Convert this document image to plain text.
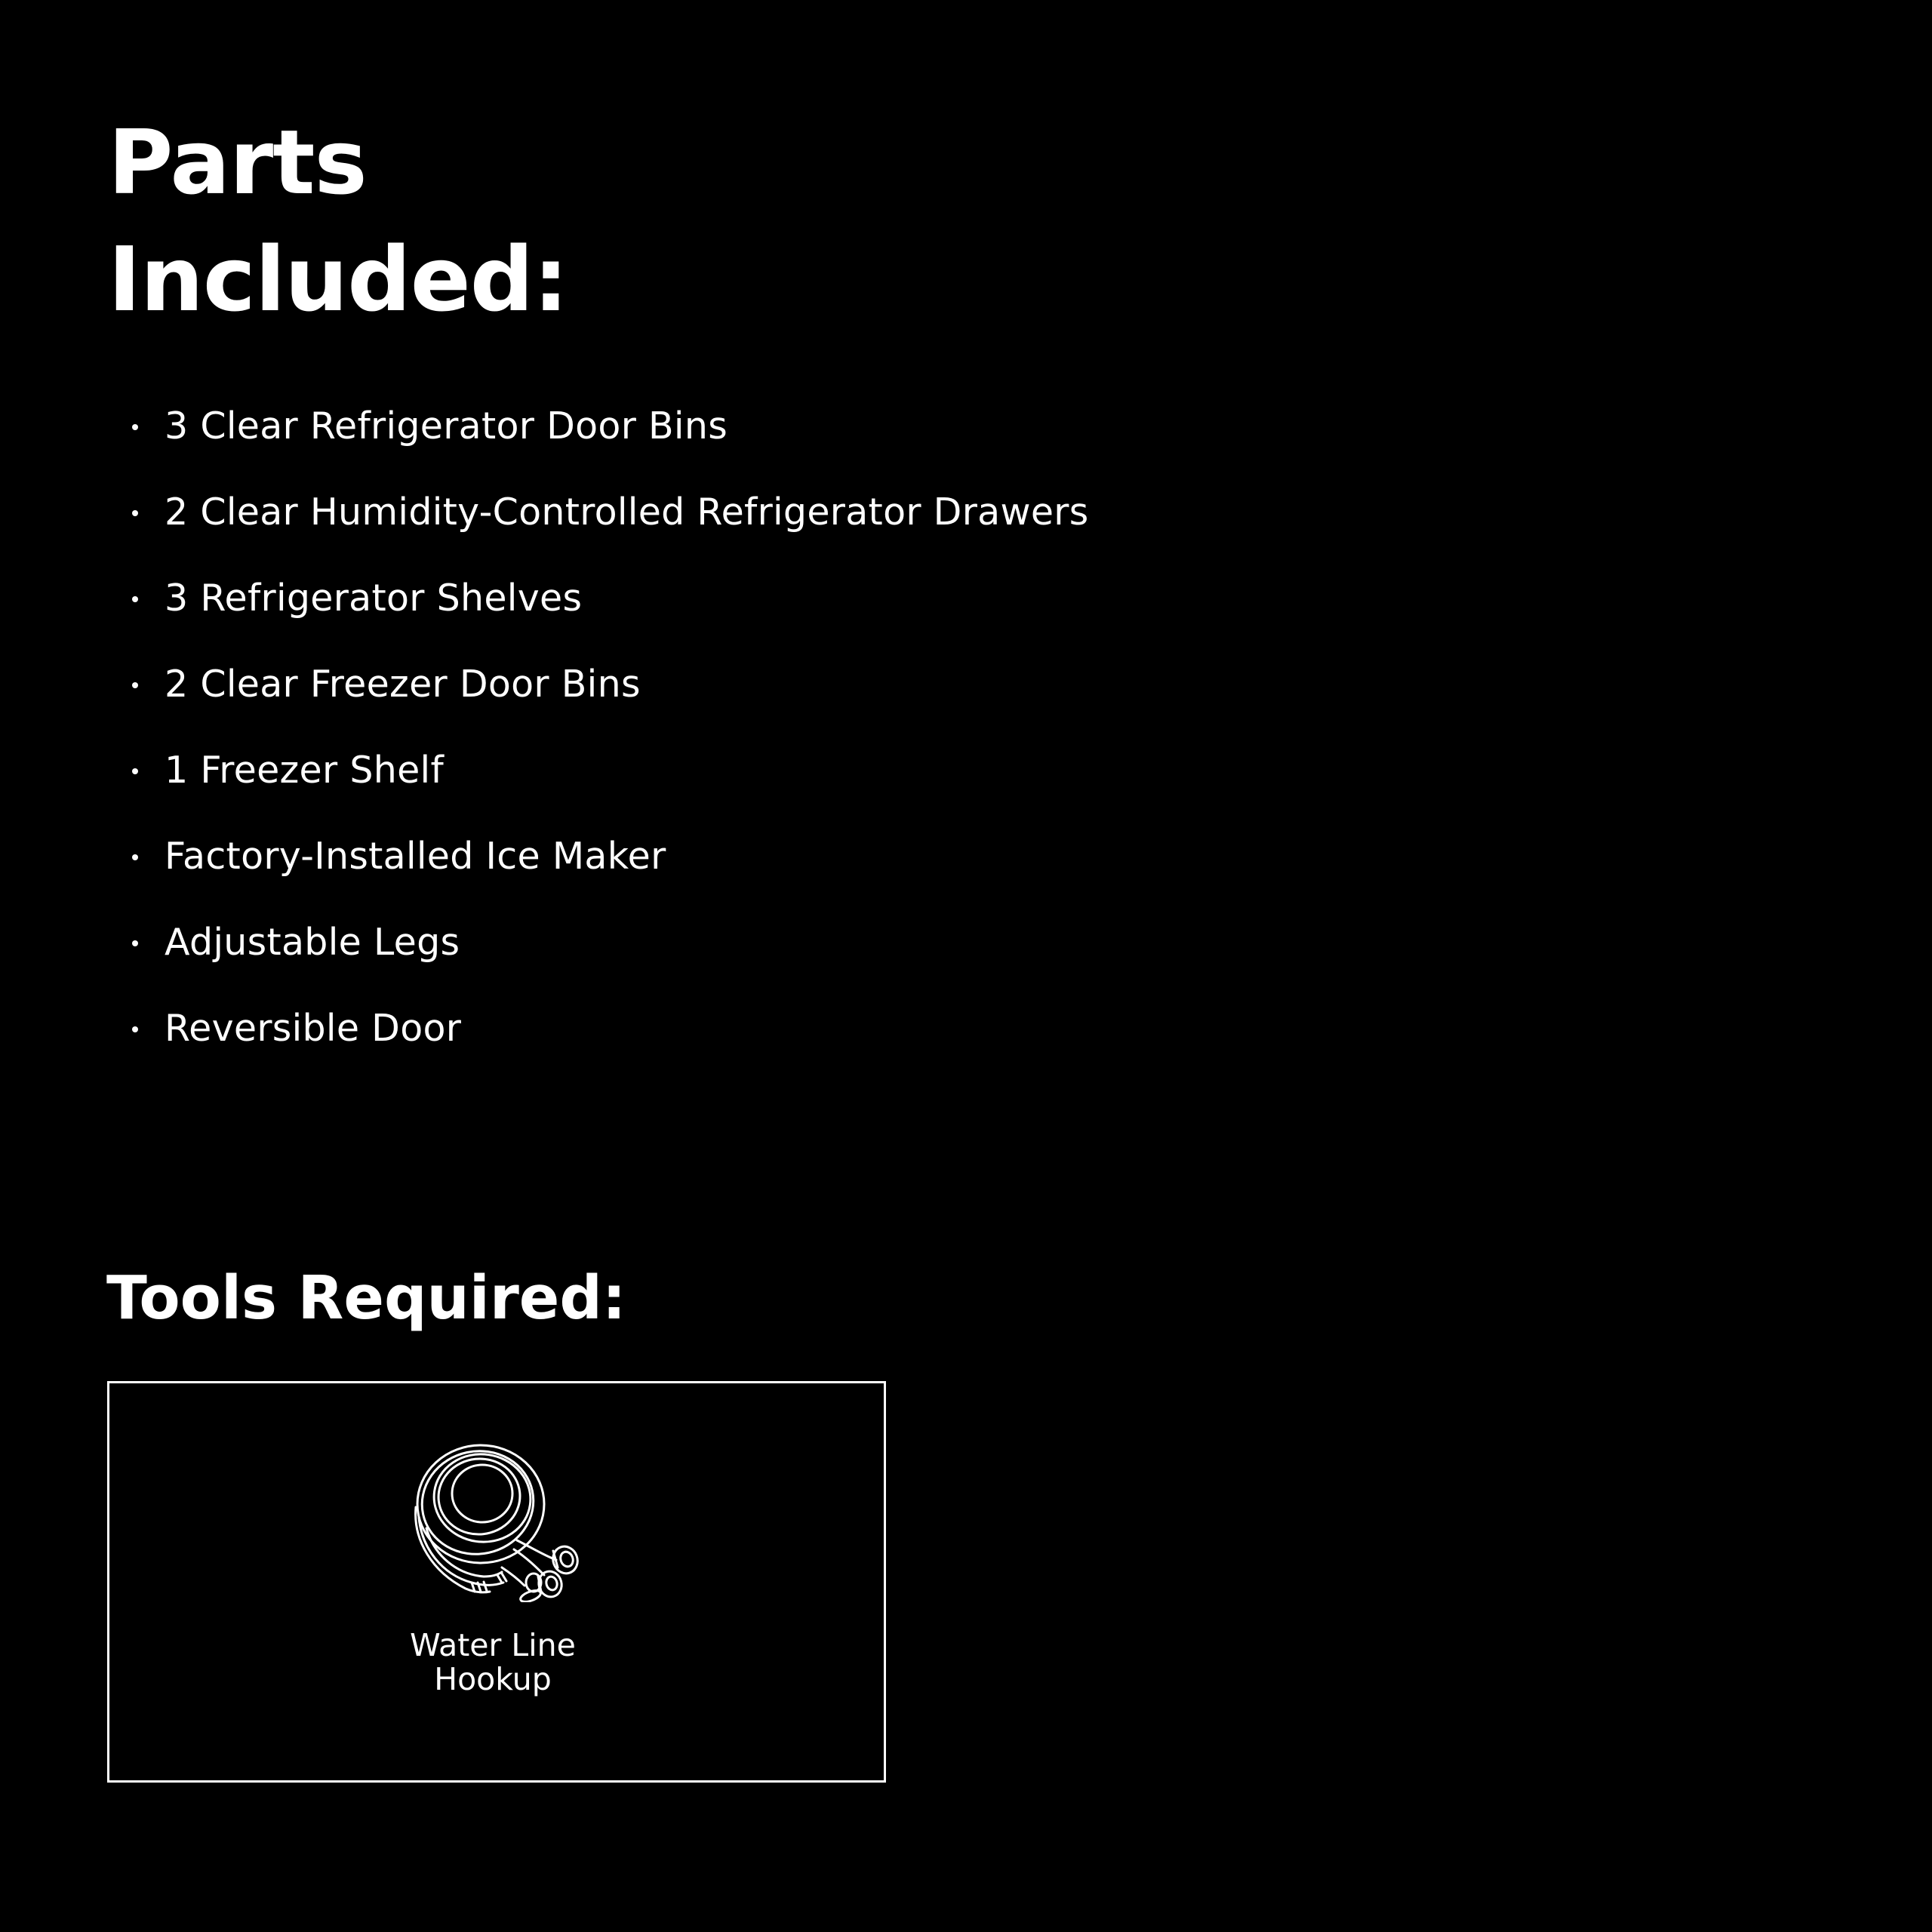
Parts
Included:
3 Clear Refrigerator Door Bins
2 Clear Humidity-Controlled Refrigerator Drawers
3 Refrigerator Shelves
2 Clear Freezer Door Bins
1 Freezer Shelf
Factory-Installed Ice Maker
Adjustable Legs
Reversible Door
Tools Required:
Water Line
Hookup
